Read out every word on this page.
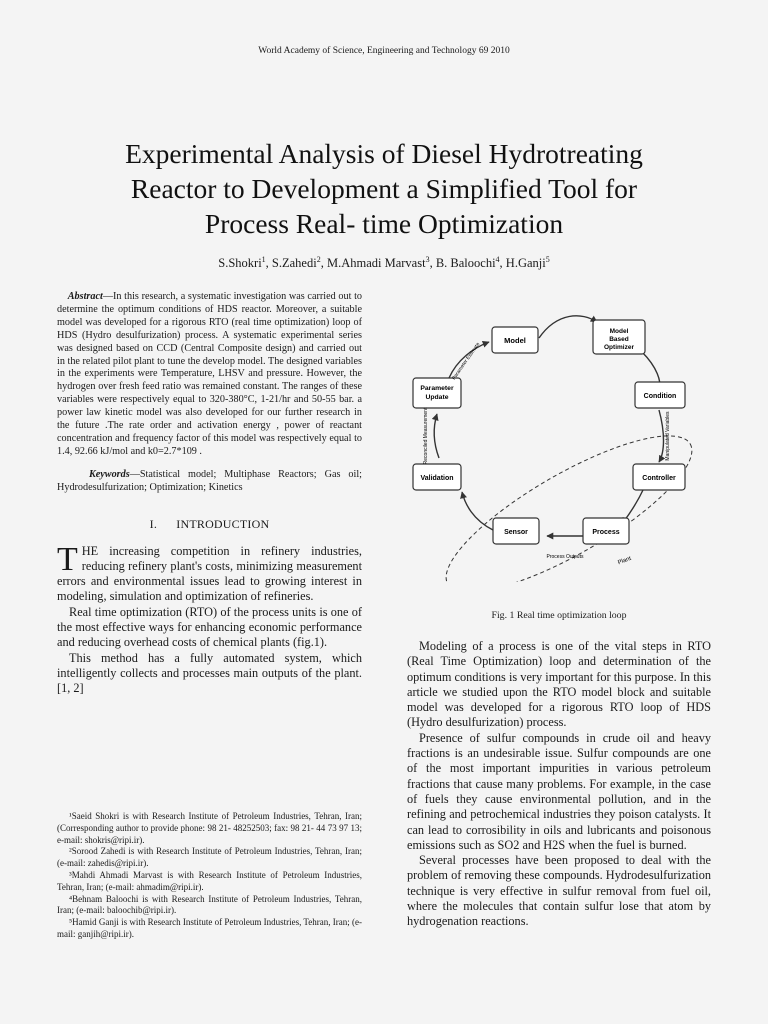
World Academy of Science, Engineering and Technology 69 2010
Experimental Analysis of Diesel Hydrotreating
Reactor to Development a Simplified Tool for
Process Real- time Optimization
S.Shokri$^1$, S.Zahedi$^2$, M.Ahmadi Marvast$^3$, B. Baloochi$^4$, H.Ganji$^5$
Abstract—In this research, a systematic investigation was carried out to determine the optimum conditions of HDS reactor. Moreover, a suitable model was developed for a rigorous RTO (real time optimization) loop of HDS (Hydro desulfurization) process. A systematic experimental series was designed based on CCD (Central Composite design) and carried out in the related pilot plant to tune the develop model. The designed variables in the experiments were Temperature, LHSV and pressure. However, the hydrogen over fresh feed ratio was remained constant. The ranges of these variables were respectively equal to 320-380°C, 1-21/hr and 50-55 bar. a power law kinetic model was also developed for our further research in the future .The rate order and activation energy , power of reactant concentration and frequency factor of this model was respectively equal to 1.4, 92.66 kJ/mol and k0=2.7*109 .
Keywords—Statistical model; Multiphase Reactors; Gas oil; Hydrodesulfurization; Optimization; Kinetics
I.      INTRODUCTION

THE increasing competition in refinery industries, reducing refinery plant's costs, minimizing measurement errors and environmental issues lead to growing interest in modeling, simulation and optimization of refineries.

Real time optimization (RTO) of the process units is one of the most effective ways for enhancing economic performance and reducing overhead costs of chemical plants (fig.1).

This method has a fully automated system, which intelligently collects and processes main outputs of the plant. [1, 2]

¹Saeid Shokri is with Research Institute of Petroleum Industries, Tehran, Iran; (Corresponding author to provide phone: 98 21- 48252503; fax: 98 21- 44 73 97 13; e-mail: shokris@ripi.ir).

²Sorood Zahedi is with Research Institute of Petroleum Industries, Tehran, Iran; (e-mail: zahedis@ripi.ir).

³Mahdi Ahmadi Marvast is with Research Institute of Petroleum Industries, Tehran, Iran; (e-mail: ahmadim@ripi.ir).

⁴Behnam Baloochi is with Research Institute of Petroleum Industries, Tehran, Iran; (e-mail: baloochib@ripi.ir).

⁵Hamid Ganji is with Research Institute of Petroleum Industries, Tehran, Iran; (e-mail: ganjih@ripi.ir).

Model
Model
Based
Optimizer
Parameter
Update	Condition
Validation	Controller
Sensor	Process
Parameter Estimate
Reconciled Measurement	Manipulated Variables
Process Outputs	Plant
Fig. 1 Real time optimization loop

Modeling of a process is one of the vital steps in RTO (Real Time Optimization) loop and determination of the optimum conditions is very important for this purpose. In this article we studied upon the RTO model block and suitable model was developed for a rigorous RTO loop of HDS (Hydro desulfurization) process.

Presence of sulfur compounds in crude oil and heavy fractions is an undesirable issue. Sulfur compounds are one of the most important impurities in various petroleum fractions that cause many problems. For example, in the case of fuels they cause environmental pollution, and in the refining and petrochemical industries they poison catalysts. It can lead to corrosibility in oils and lubricants and poisonous emissions such as SO2 and H2S when the fuel is burned.

Several processes have been proposed to deal with the problem of removing these compounds. Hydrodesulfurization technique is very effective in sulfur removal from fuel oil, where the molecules that contain sulfur lose that atom by hydrogenation reactions.
